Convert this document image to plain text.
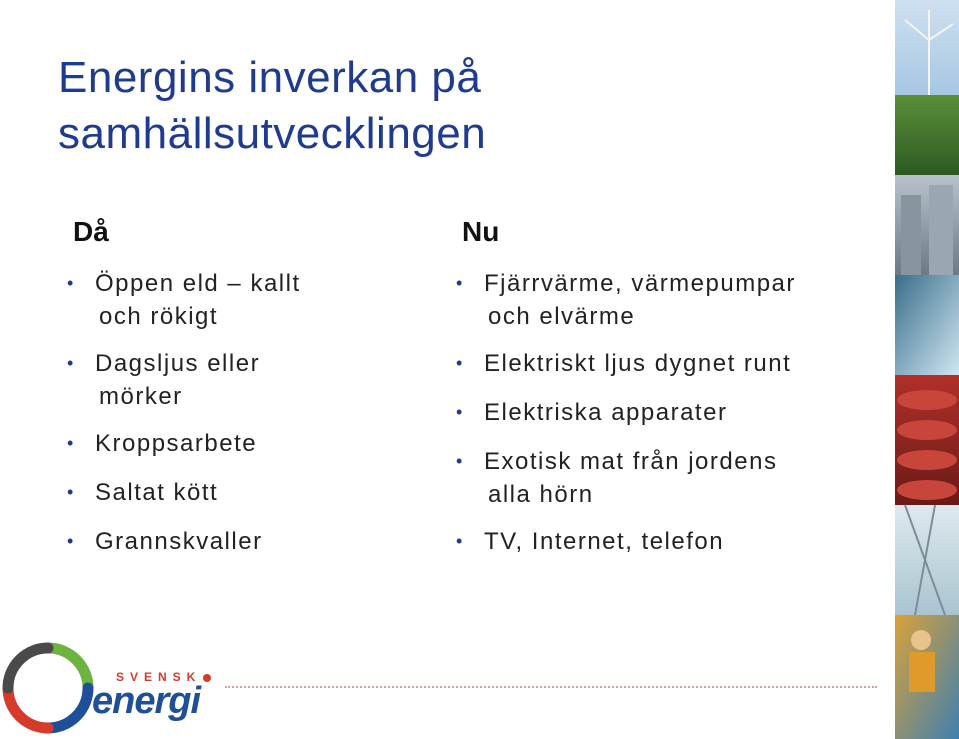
Energins inverkan på
samhällsutvecklingen
Då
• Öppen eld – kallt
och rökigt
• Dagsljus eller
mörker
• Kroppsarbete
• Saltat kött
• Grannskvaller
Nu
• Fjärrvärme, värmepumpar
och elvärme
• Elektriskt ljus dygnet runt
• Elektriska apparater
• Exotisk mat från jordens
alla hörn
• TV, Internet, telefon
SVENSK
energi
